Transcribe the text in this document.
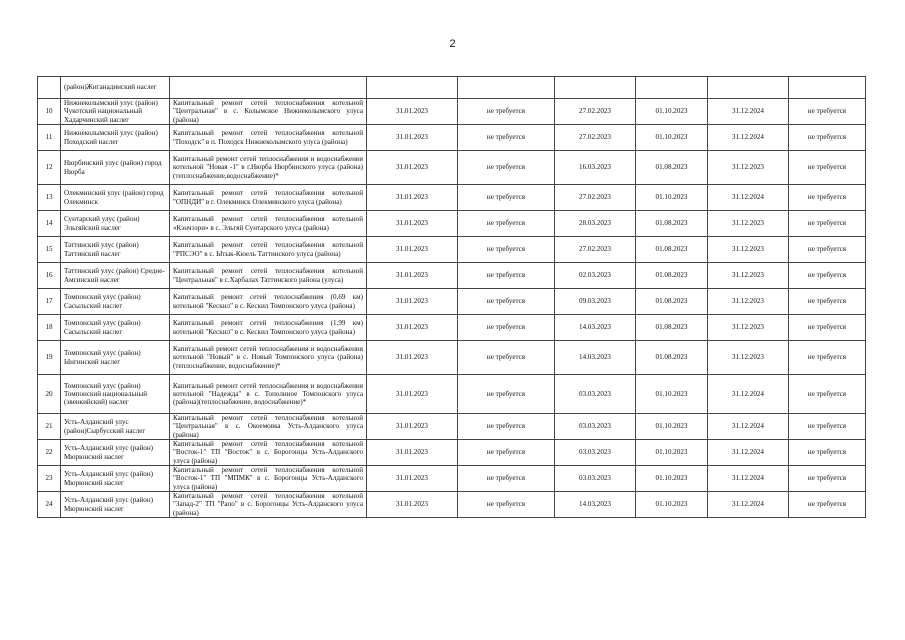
2
	(район)Жиганадинский наслег							
10	Нижнеколымский улус (район) Чукотский национальный Хадарчинский наслег	Капитальный ремонт сетей теплоснабжения котельной "Центральная" в с. Колымское Нижнеколымского улуса (района)	31.01.2023	не требуется	27.02.2023	01.10.2023	31.12.2024	не требуется
11	Нижнеколымский улус (район) Походский наслег	Капитальный ремонт сетей теплоснабжения котельной "Походск" в п. Походск Нижнеколымского улуса (района)	31.01.2023	не требуется	27.02.2023	01.10.2023	31.12.2024	не требуется
12	Нюрбинский улус (район) город Нюрба	Капитальный ремонт сетей теплоснабжения и водоснабжения котельной "Новая -1" в г.Нюрба Нюрбинского улуса (района)(теплоснабжение,водоснабжение)*	31.01.2023	не требуется	16.03.2023	01.08.2023	31.12.2023	не требуется
13	Олекминский улус (район) город Олекминск	Капитальный ремонт сетей теплоснабжения котельной "ОПНДИ" в г. Олекминск Олекминского улуса (района)	31.01.2023	не требуется	27.02.2023	01.10.2023	31.12.2024	не требуется
14	Сунтарский улус (район) Эльгяйский наслег	Капитальный ремонт сетей теплоснабжения котельной «Кэнчээри» в с. Эльгяй Сунтарского улуса (района)	31.01.2023	не требуется	28.03.2023	01.08.2023	31.12.2023	не требуется
15	Таттинский улус (район) Таттинский наслег	Капитальный ремонт сетей теплоснабжения котельной "РПСЭО" в с. Ытык-Кюель Таттинского улуса (района)	31.01.2023	не требуется	27.02.2023	01.08.2023	31.12.2023	не требуется
16	Таттинский улус (район) Средне-Амгинский наслег	Капитальный ремонт сетей теплоснабжения котельной "Центральная" в с.Харбалах Таттинского района (улуса)	31.01.2023	не требуется	02.03.2023	01.08.2023	31.12.2023	не требуется
17	Томпонский улус (район) Сасыльский наслег	Капитальный ремонт сетей теплоснабжения (0,69 км) котельной "Кескил" в с. Кескил Томпонского улуса (района)	31.01.2023	не требуется	09.03.2023	01.08.2023	31.12.2023	не требуется
18	Томпонский улус (район) Сасыльский наслег	Капитальный ремонт сетей теплоснабжения (1,99 км) котельной "Кескил" в с. Кескил Томпонского улуса (района)	31.01.2023	не требуется	14.03.2023	01.08.2023	31.12.2023	не требуется
19	Томпонский улус (район) Ынгинский наслег	Капитальный ремонт сетей теплоснабжения и водоснабжения котельной "Новый" в с. Новый Томпонского улуса (района)(теплоснабжение, водоснабжение)*	31.01.2023	не требуется	14.03.2023	01.08.2023	31.12.2023	не требуется
20	Томпонский улус (район) Томпонский национальный (эвенкийский) наслег	Капитальный ремонт сетей теплоснабжения и водоснабжения котельной "Надежда" в с. Тополиное Томпонского улуса (района)(теплоснабжение, водоснабжение)*	31.01.2023	не требуется	03.03.2023	01.10.2023	31.12.2024	не требуется
21	Усть-Алданский улус (район)Сырбусский наслег	Капитальный ремонт сетей теплоснабжения котельной "Центральная" в с. Окоемовка Усть-Алданского улуса (района)	31.01.2023	не требуется	03.03.2023	01.10.2023	31.12.2024	не требуется
22	Усть-Алданский улус (район) Мюрюнский наслег	Капитальный ремонт сетей теплоснабжения котельной "Восток-1" ТП "Восток" в с. Борогонцы Усть-Алданского улуса (района)	31.01.2023	не требуется	03.03.2023	01.10.2023	31.12.2024	не требуется
23	Усть-Алданский улус (район) Мюрюнский наслег	Капитальный ремонт сетей теплоснабжения котельной "Восток-1" ТП "МПМК" в с. Борогонцы Усть-Алданского улуса (района)	31.01.2023	не требуется	03.03.2023	01.10.2023	31.12.2024	не требуется
24	Усть-Алданский улус (район) Мюрюнский наслег	Капитальный ремонт сетей теплоснабжения котельной "Запад-2" ТП "Рапо" в с. Борогонцы Усть-Алданского улуса (района)	31.01.2023	не требуется	14.03.2023	01.10.2023	31.12.2024	не требуется
